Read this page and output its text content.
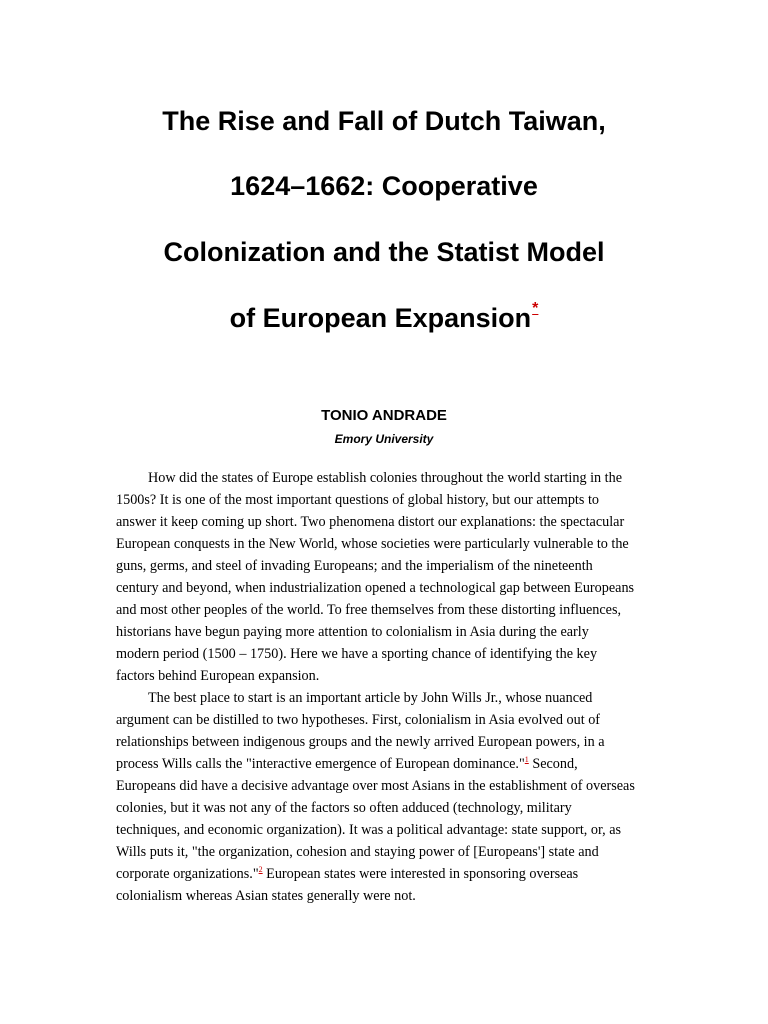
The Rise and Fall of Dutch Taiwan,
1624–1662: Cooperative
Colonization and the Statist Model
of European Expansion*
TONIO ANDRADE
Emory University
How did the states of Europe establish colonies throughout the world starting in the
1500s? It is one of the most important questions of global history, but our attempts to
answer it keep coming up short. Two phenomena distort our explanations: the spectacular
European conquests in the New World, whose societies were particularly vulnerable to the
guns, germs, and steel of invading Europeans; and the imperialism of the nineteenth
century and beyond, when industrialization opened a technological gap between Europeans
and most other peoples of the world. To free themselves from these distorting influences,
historians have begun paying more attention to colonialism in Asia during the early
modern period (1500 – 1750). Here we have a sporting chance of identifying the key
factors behind European expansion.
The best place to start is an important article by John Wills Jr., whose nuanced
argument can be distilled to two hypotheses. First, colonialism in Asia evolved out of
relationships between indigenous groups and the newly arrived European powers, in a
process Wills calls the "interactive emergence of European dominance."$^1$ Second,
Europeans did have a decisive advantage over most Asians in the establishment of overseas
colonies, but it was not any of the factors so often adduced (technology, military
techniques, and economic organization). It was a political advantage: state support, or, as
Wills puts it, "the organization, cohesion and staying power of [Europeans'] state and
corporate organizations."$^2$ European states were interested in sponsoring overseas
colonialism whereas Asian states generally were not.
